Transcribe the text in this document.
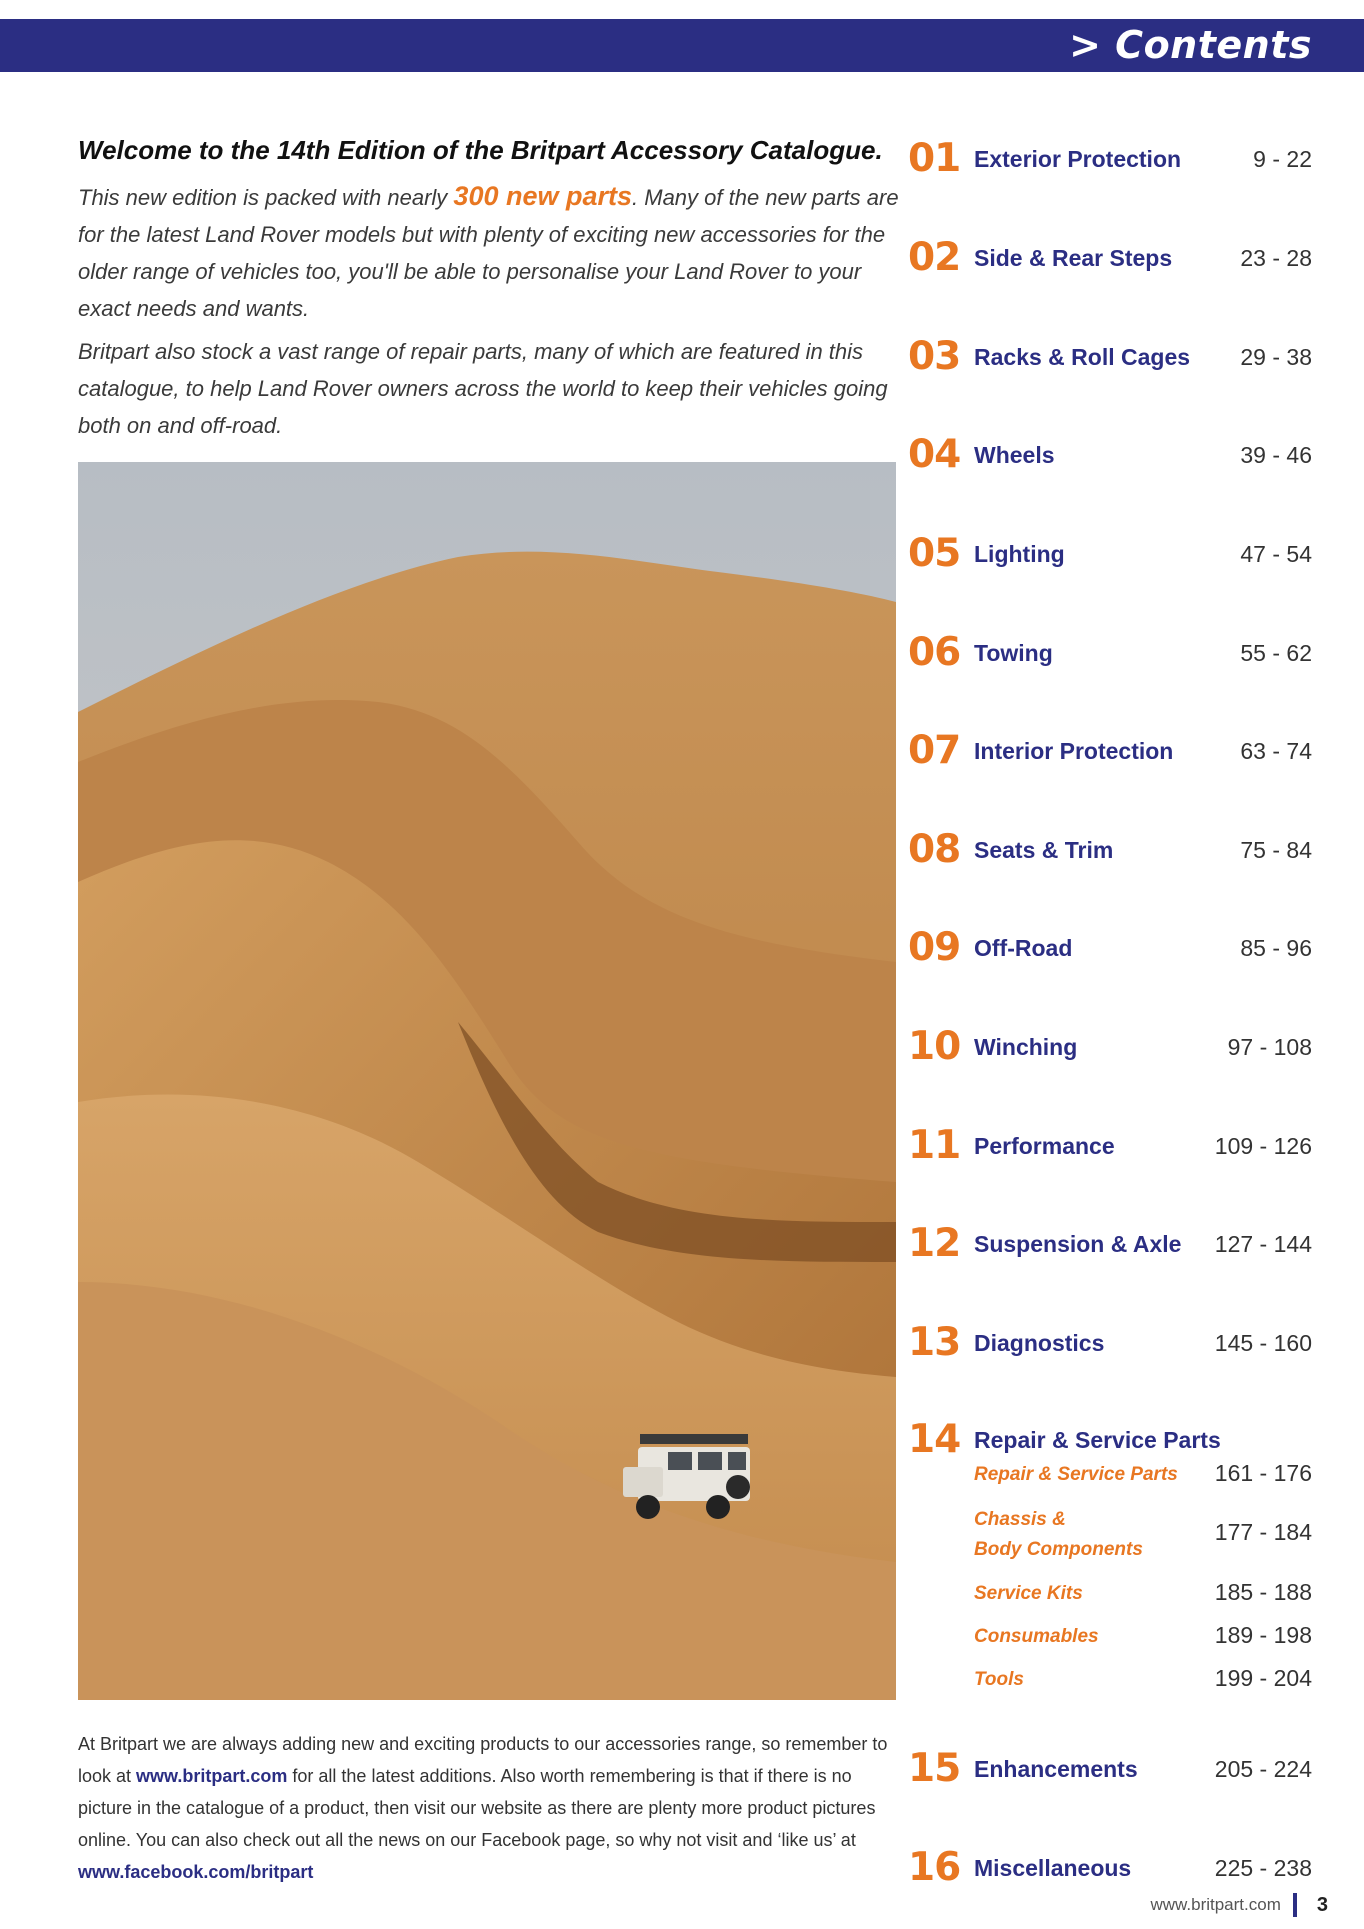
> Contents
Welcome to the 14th Edition of the Britpart Accessory Catalogue.

This new edition is packed with nearly 300 new parts. Many of the new parts are for the latest Land Rover models but with plenty of exciting new accessories for the older range of vehicles too, you'll be able to personalise your Land Rover to your exact needs and wants.

Britpart also stock a vast range of repair parts, many of which are featured in this catalogue, to help Land Rover owners across the world to keep their vehicles going both on and off-road.

At Britpart we are always adding new and exciting products to our accessories range, so remember to look at www.britpart.com for all the latest additions. Also worth remembering is that if there is no picture in the catalogue of a product, then visit our website as there are plenty more product pictures online. You can also check out all the news on our Facebook page, so why not visit and ‘like us’ at www.facebook.com/britpart
01 Exterior Protection	9 - 22
02 Side & Rear Steps	23 - 28
03 Racks & Roll Cages 29 - 38
04 Wheels	39 - 46
05 Lighting	47 - 54
06 Towing	55 - 62
07 Interior Protection	63 - 74
08 Seats & Trim	75 - 84
09 Off-Road	85 - 96
10 Winching	97 - 108
11 Performance	109 - 126
12 Suspension & Axle 127 - 144
13 Diagnostics	145 - 160
14 Repair & Service Parts
Repair & Service Parts	161 - 176
Chassis &
Body Components
177 - 184
Service Kits	185 - 188
Consumables	189 - 198
Tools	199 - 204
15 Enhancements	205 - 224
16 Miscellaneous	225 - 238
www.britpart.com 3
